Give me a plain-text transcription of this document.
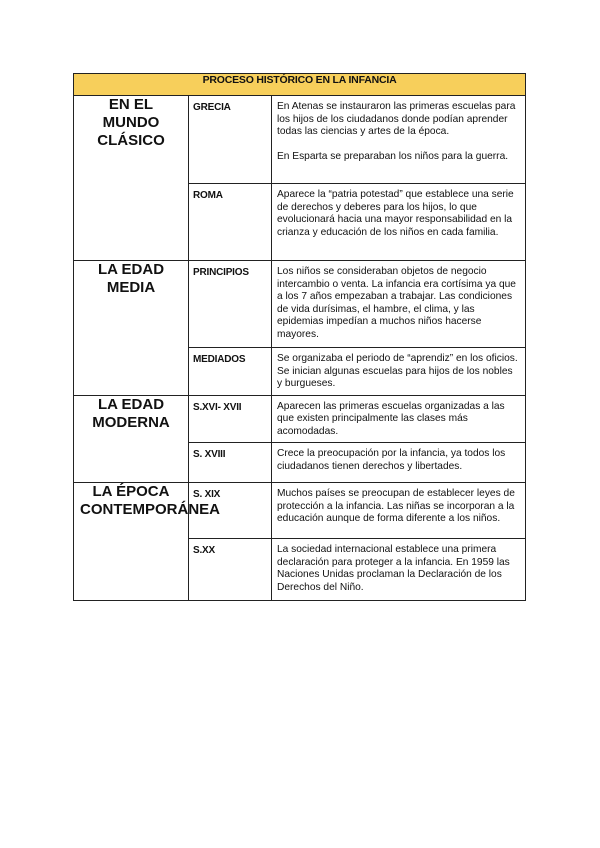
PROCESO HISTÓRICO EN LA INFANCIA		
EN EL MUNDO CLÁSICO	GRECIA	En Atenas se instauraron las primeras escuelas para los hijos de los ciudadanos donde podían aprender todas las ciencias y artes de la época.

En Esparta se preparaban los niños para la guerra.

	ROMA	Aparece la “patria potestad” que establece una serie de derechos y deberes para los hijos, lo que evolucionará hacia una mayor responsabilidad en la crianza y educación de los niños en cada familia.

LA EDAD MEDIA	PRINCIPIOS	Los niños se consideraban objetos de negocio intercambio o venta. La infancia era cortísima ya que a los 7 años empezaban a trabajar. Las condiciones de vida durísimas, el hambre, el clima, y las epidemias impedían a muchos niños hacerse mayores.

	MEDIADOS	Se organizaba el periodo de “aprendiz” en los oficios. Se inician algunas escuelas para hijos de los nobles y burgueses.

LA EDAD MODERNA	S.XVI- XVII	Aparecen las primeras escuelas organizadas a las que existen principalmente las clases más acomodadas.

	S. XVIII	Crece la preocupación por la infancia, ya todos los ciudadanos tienen derechos y libertades.

LA ÉPOCA CONTEMPORÁNEA	S. XIX	Muchos países se preocupan de establecer leyes de protección a la infancia. Las niñas se incorporan a la educación aunque de forma diferente a los niños.

	S.XX	La sociedad internacional establece una primera declaración para proteger a la infancia. En 1959 las Naciones Unidas proclaman la Declaración de los Derechos del Niño.
